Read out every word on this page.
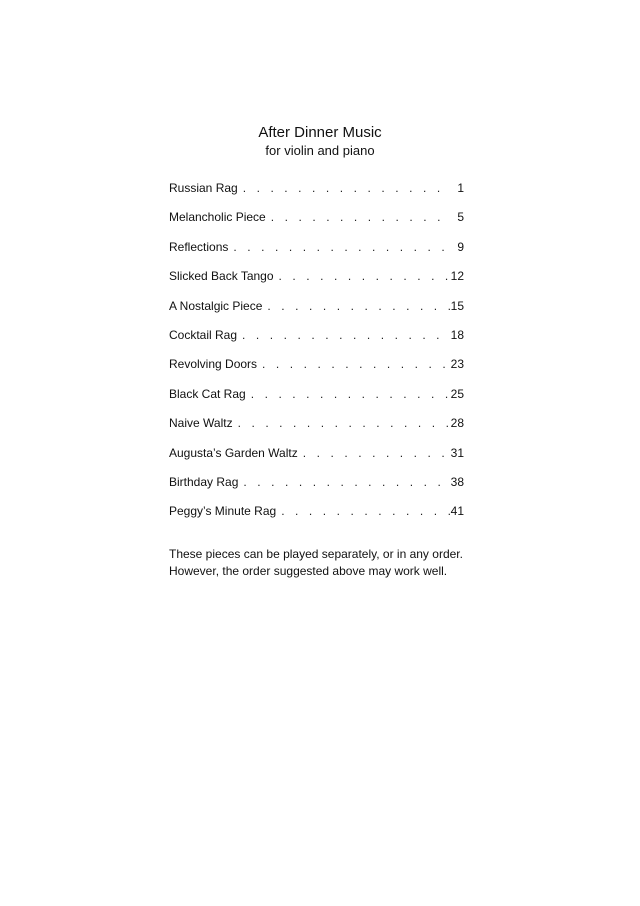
After Dinner Music
for violin and piano
Russian Rag . . .	1
Melancholic Piece . . .	5
Reflections . . .	9
Slicked Back Tango . . .	12
A Nostalgic Piece . . .	15
Cocktail Rag . . .	18
Revolving Doors . . .	23
Black Cat Rag . . .	25
Naive Waltz . . .	28
Augusta’s Garden Waltz . . .	31
Birthday Rag . . .	38
Peggy’s Minute Rag . . .	41

These pieces can be played separately, or in any order.

However, the order suggested above may work well.
